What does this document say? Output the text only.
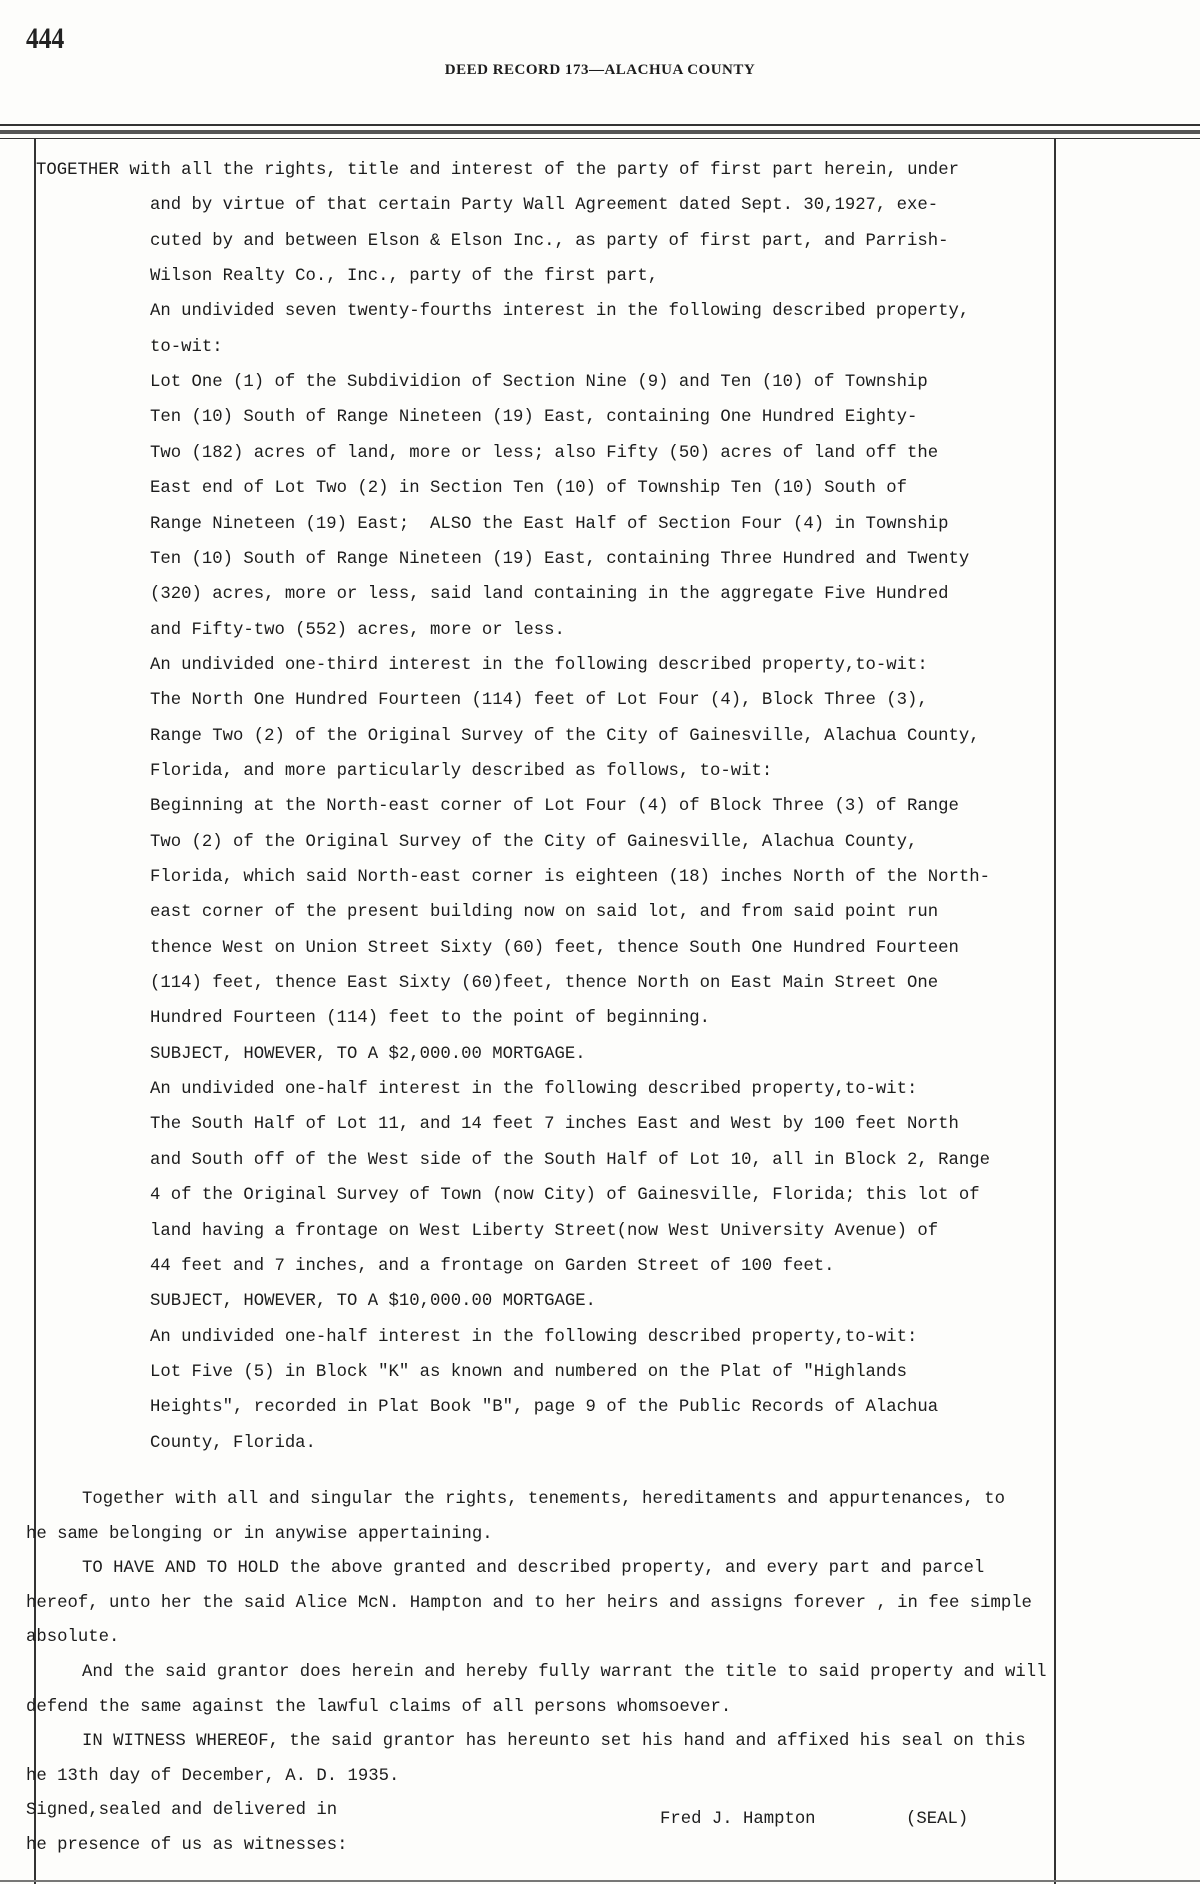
444
DEED RECORD 173—ALACHUA COUNTY
TOGETHER with all the rights, title and interest of the party of first part herein, under
and by virtue of that certain Party Wall Agreement dated Sept. 30,1927, exe-
cuted by and between Elson & Elson Inc., as party of first part, and Parrish-
Wilson Realty Co., Inc., party of the first part,
An undivided seven twenty-fourths interest in the following described property,
to-wit:
Lot One (1) of the Subdividion of Section Nine (9) and Ten (10) of Township
Ten (10) South of Range Nineteen (19) East, containing One Hundred Eighty-
Two (182) acres of land, more or less; also Fifty (50) acres of land off the
East end of Lot Two (2) in Section Ten (10) of Township Ten (10) South of
Range Nineteen (19) East;  ALSO the East Half of Section Four (4) in Township
Ten (10) South of Range Nineteen (19) East, containing Three Hundred and Twenty
(320) acres, more or less, said land containing in the aggregate Five Hundred
and Fifty-two (552) acres, more or less.
An undivided one-third interest in the following described property,to-wit:
The North One Hundred Fourteen (114) feet of Lot Four (4), Block Three (3),
Range Two (2) of the Original Survey of the City of Gainesville, Alachua County,
Florida, and more particularly described as follows, to-wit:
Beginning at the North-east corner of Lot Four (4) of Block Three (3) of Range
Two (2) of the Original Survey of the City of Gainesville, Alachua County,
Florida, which said North-east corner is eighteen (18) inches North of the North-
east corner of the present building now on said lot, and from said point run
thence West on Union Street Sixty (60) feet, thence South One Hundred Fourteen
(114) feet, thence East Sixty (60)feet, thence North on East Main Street One
Hundred Fourteen (114) feet to the point of beginning.
SUBJECT, HOWEVER, TO A $2,000.00 MORTGAGE.
An undivided one-half interest in the following described property,to-wit:
The South Half of Lot 11, and 14 feet 7 inches East and West by 100 feet North
and South off of the West side of the South Half of Lot 10, all in Block 2, Range
4 of the Original Survey of Town (now City) of Gainesville, Florida; this lot of
land having a frontage on West Liberty Street(now West University Avenue) of
44 feet and 7 inches, and a frontage on Garden Street of 100 feet.
SUBJECT, HOWEVER, TO A $10,000.00 MORTGAGE.
An undivided one-half interest in the following described property,to-wit:
Lot Five (5) in Block "K" as known and numbered on the Plat of "Highlands
Heights", recorded in Plat Book "B", page 9 of the Public Records of Alachua
County, Florida.
Together with all and singular the rights, tenements, hereditaments and appurtenances, to
he same belonging or in anywise appertaining.
TO HAVE AND TO HOLD the above granted and described property, and every part and parcel
hereof, unto her the said Alice McN. Hampton and to her heirs and assigns forever , in fee simple
absolute.
And the said grantor does herein and hereby fully warrant the title to said property and will
defend the same against the lawful claims of all persons whomsoever.
IN WITNESS WHEREOF, the said grantor has hereunto set his hand and affixed his seal on this
he 13th day of December, A. D. 1935.
Signed,sealed and delivered in
he presence of us as witnesses:
Fred J. Hampton	(SEAL)
